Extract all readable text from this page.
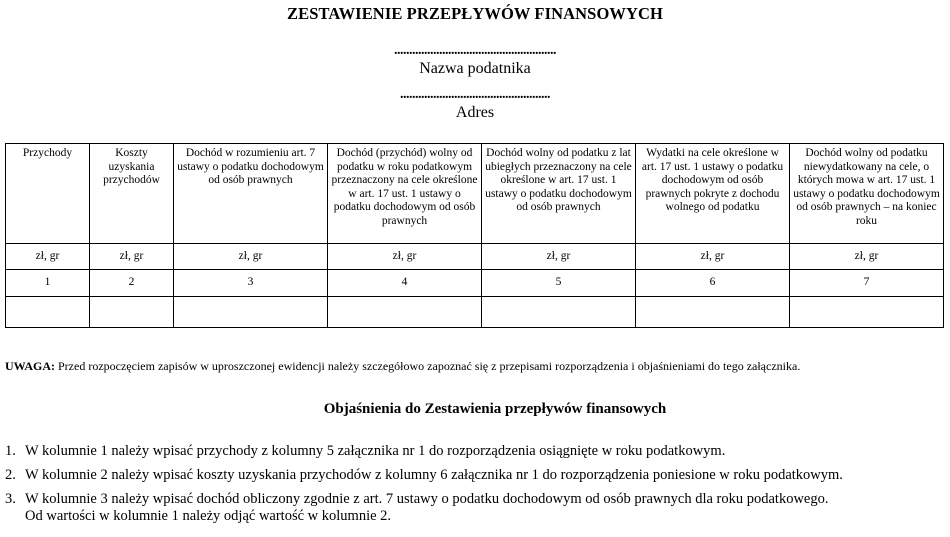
ZESTAWIENIE PRZEPŁYWÓW FINANSOWYCH
......................................................
Nazwa podatnika
..................................................
Adres
Przychody	Koszty uzyskania przychodów	Dochód w rozumieniu art. 7 ustawy o podatku dochodowym od osób prawnych	Dochód (przychód) wolny od podatku w roku podatkowym przeznaczony na cele określone w art. 17 ust. 1 ustawy o podatku dochodowym od osób prawnych	Dochód wolny od podatku z lat ubiegłych przeznaczony na cele określone w art. 17 ust. 1 ustawy o podatku dochodowym od osób prawnych	Wydatki na cele określone w art. 17 ust. 1 ustawy o podatku dochodowym od osób prawnych pokryte z dochodu wolnego od podatku	Dochód wolny od podatku niewydatkowany na cele, o których mowa w art. 17 ust. 1 ustawy o podatku dochodowym od osób prawnych – na koniec roku
zł, gr	zł, gr	zł, gr	zł, gr	zł, gr	zł, gr	zł, gr
1	2	3	4	5	6	7

UWAGA: Przed rozpoczęciem zapisów w uproszczonej ewidencji należy szczegółowo zapoznać się z przepisami rozporządzenia i objaśnieniami do tego załącznika.
Objaśnienia do Zestawienia przepływów finansowych
1. W kolumnie 1 należy wpisać przychody z kolumny 5 załącznika nr 1 do rozporządzenia osiągnięte w roku podatkowym.
2. W kolumnie 2 należy wpisać koszty uzyskania przychodów z kolumny 6 załącznika nr 1 do rozporządzenia poniesione w roku podatkowym.
3. W kolumnie 3 należy wpisać dochód obliczony zgodnie z art. 7 ustawy o podatku dochodowym od osób prawnych dla roku podatkowego.
Od wartości w kolumnie 1 należy odjąć wartość w kolumnie 2.
